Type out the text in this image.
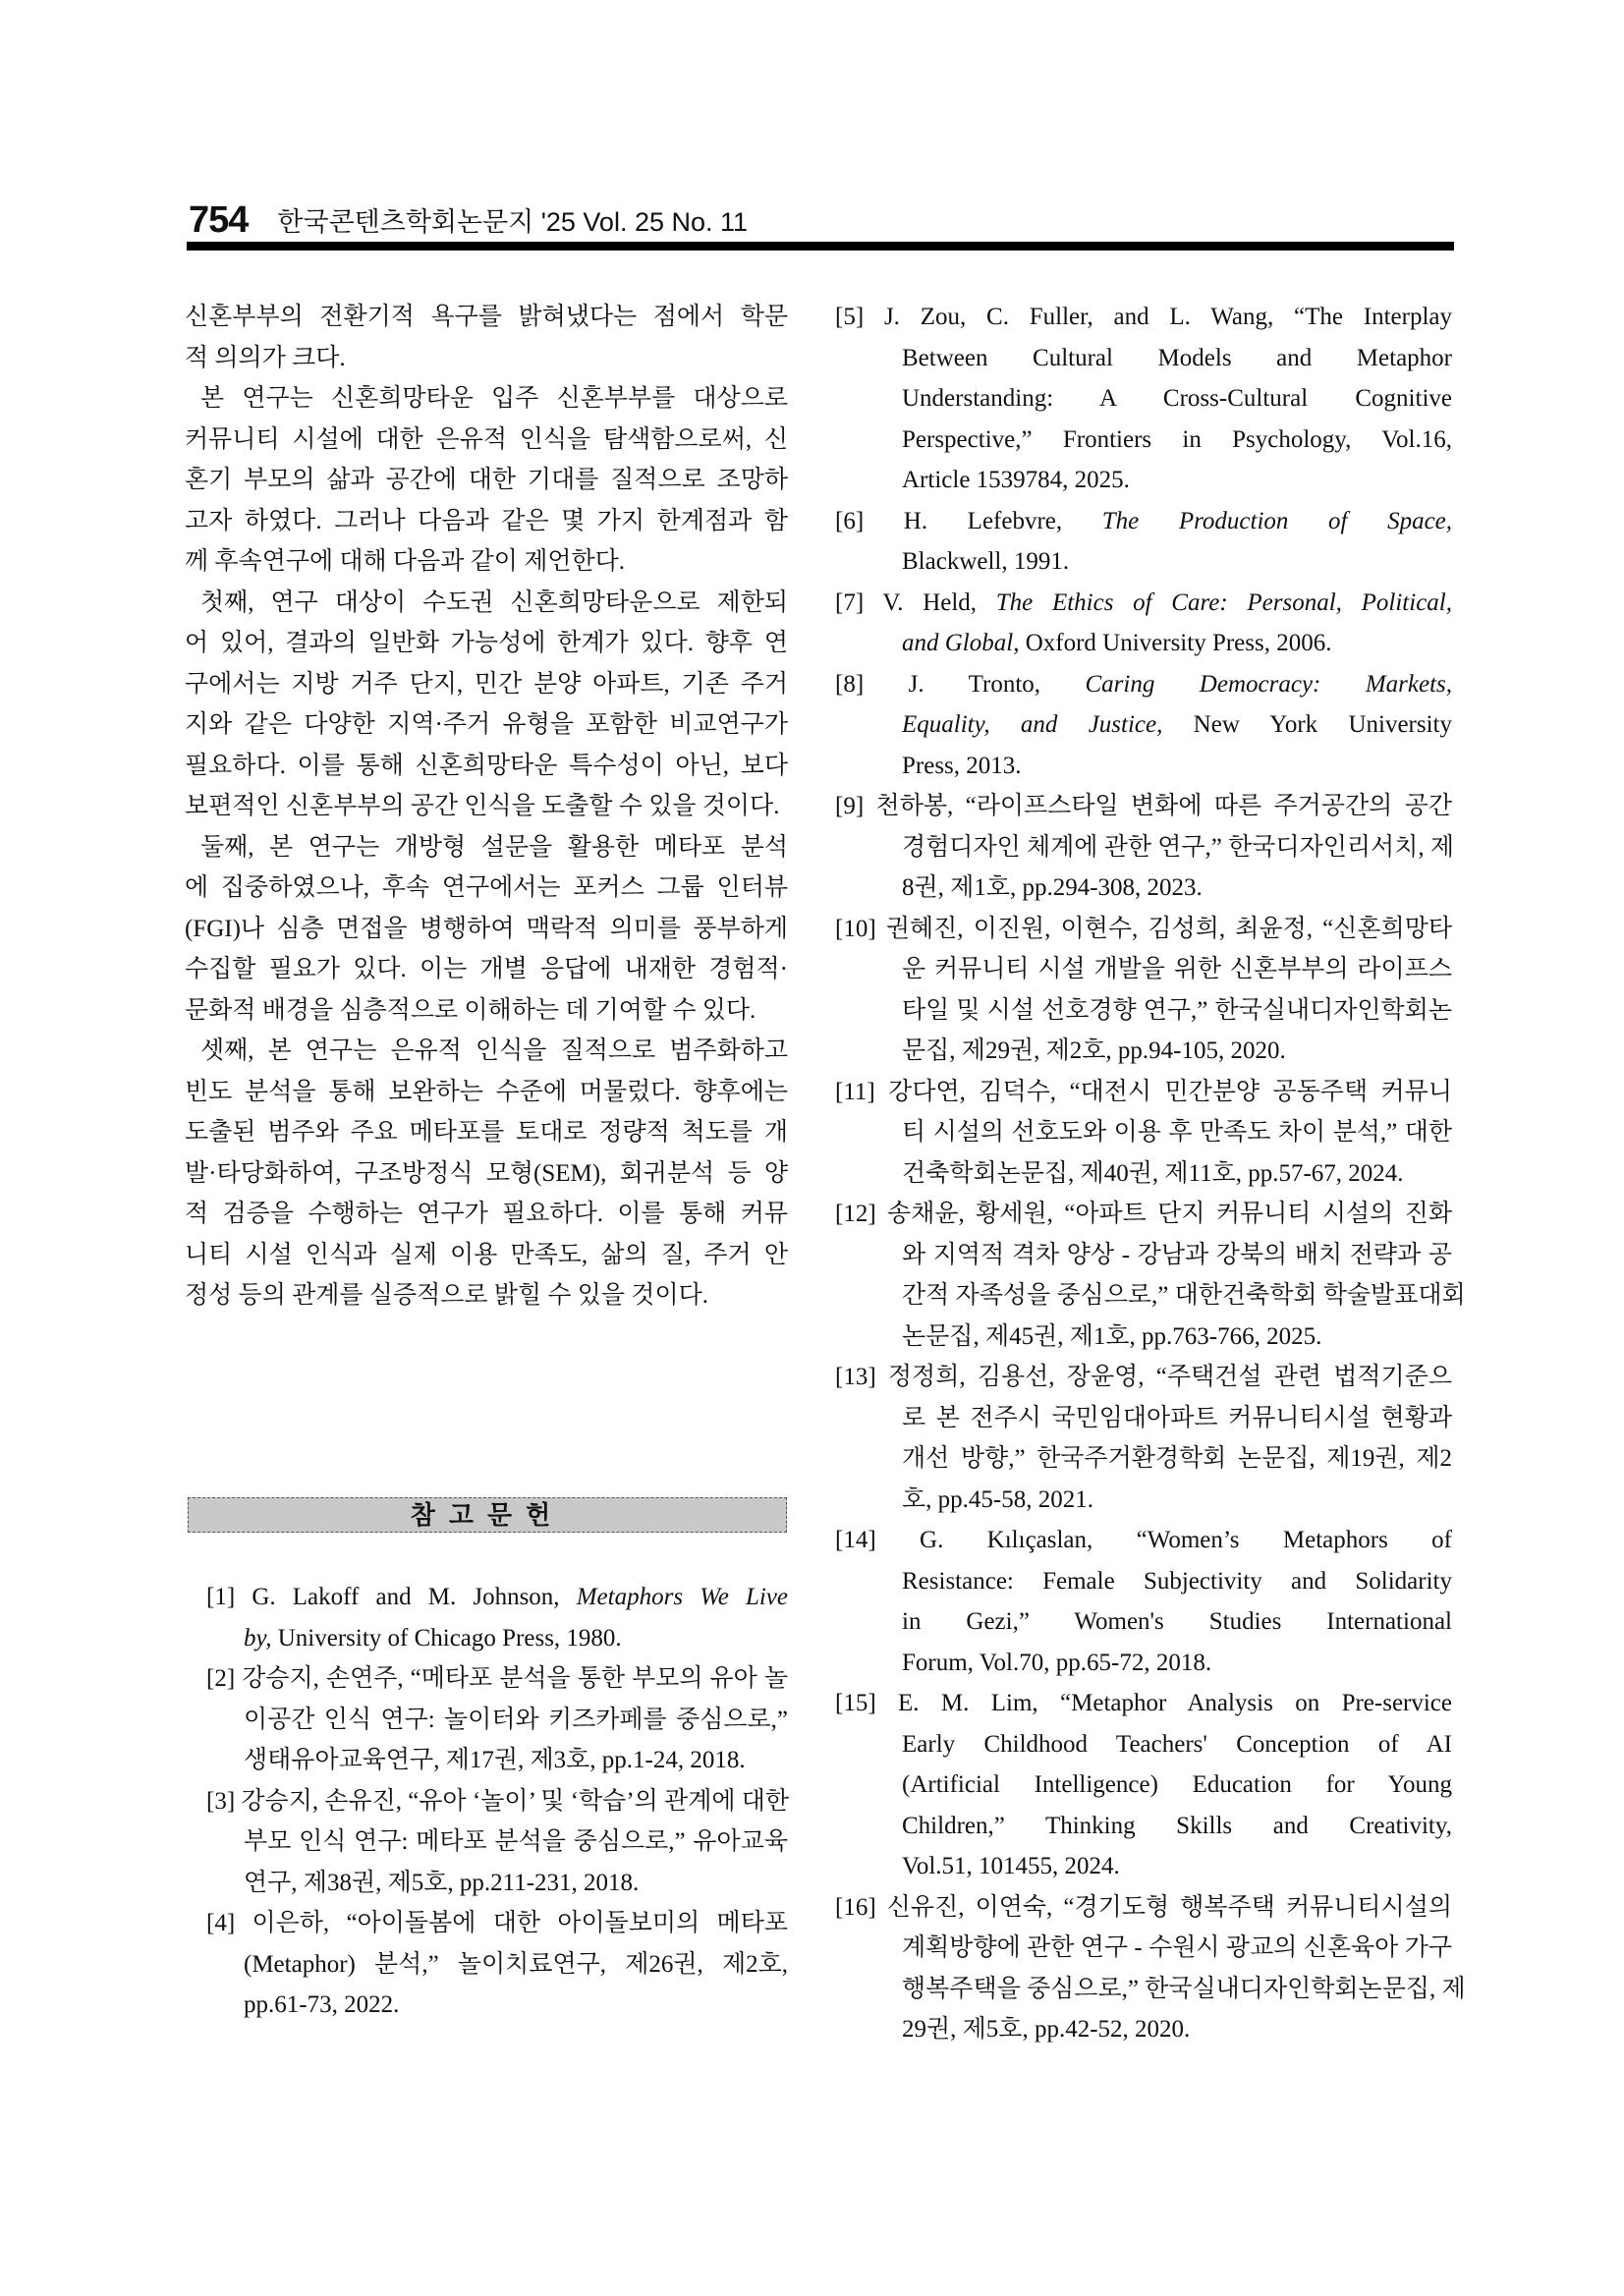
754 한국콘텐츠학회논문지 '25 Vol. 25 No. 11
신혼부부의 전환기적 욕구를 밝혀냈다는 점에서 학문
적 의의가 크다.
본 연구는 신혼희망타운 입주 신혼부부를 대상으로
커뮤니티 시설에 대한 은유적 인식을 탐색함으로써, 신
혼기 부모의 삶과 공간에 대한 기대를 질적으로 조망하
고자 하였다. 그러나 다음과 같은 몇 가지 한계점과 함
께 후속연구에 대해 다음과 같이 제언한다.
첫째, 연구 대상이 수도권 신혼희망타운으로 제한되
어 있어, 결과의 일반화 가능성에 한계가 있다. 향후 연
구에서는 지방 거주 단지, 민간 분양 아파트, 기존 주거
지와 같은 다양한 지역·주거 유형을 포함한 비교연구가
필요하다. 이를 통해 신혼희망타운 특수성이 아닌, 보다
보편적인 신혼부부의 공간 인식을 도출할 수 있을 것이다.
둘째, 본 연구는 개방형 설문을 활용한 메타포 분석
에 집중하였으나, 후속 연구에서는 포커스 그룹 인터뷰
(FGI)나 심층 면접을 병행하여 맥락적 의미를 풍부하게
수집할 필요가 있다. 이는 개별 응답에 내재한 경험적·
문화적 배경을 심층적으로 이해하는 데 기여할 수 있다.
셋째, 본 연구는 은유적 인식을 질적으로 범주화하고
빈도 분석을 통해 보완하는 수준에 머물렀다. 향후에는
도출된 범주와 주요 메타포를 토대로 정량적 척도를 개
발·타당화하여, 구조방정식 모형(SEM), 회귀분석 등 양
적 검증을 수행하는 연구가 필요하다. 이를 통해 커뮤
니티 시설 인식과 실제 이용 만족도, 삶의 질, 주거 안
정성 등의 관계를 실증적으로 밝힐 수 있을 것이다.
참고문헌
[1] G. Lakoff and M. Johnson, Metaphors We Live
by, University of Chicago Press, 1980.
[2] 강승지, 손연주, “메타포 분석을 통한 부모의 유아 놀
이공간 인식 연구: 놀이터와 키즈카페를 중심으로,”
생태유아교육연구, 제17권, 제3호, pp.1-24, 2018.
[3] 강승지, 손유진, “유아 ‘놀이’ 및 ‘학습’의 관계에 대한
부모 인식 연구: 메타포 분석을 중심으로,” 유아교육
연구, 제38권, 제5호, pp.211-231, 2018.
[4] 이은하, “아이돌봄에 대한 아이돌보미의 메타포
(Metaphor) 분석,” 놀이치료연구, 제26권, 제2호,
pp.61-73, 2022.
[5] J. Zou, C. Fuller, and L. Wang, “The Interplay
Between Cultural Models and Metaphor
Understanding: A Cross-Cultural Cognitive
Perspective,” Frontiers in Psychology, Vol.16,
Article 1539784, 2025.
[6] H. Lefebvre, The Production of Space,
Blackwell, 1991.
[7] V. Held, The Ethics of Care: Personal, Political,
and Global, Oxford University Press, 2006.
[8] J. Tronto, Caring Democracy: Markets,
Equality, and Justice, New York University
Press, 2013.
[9] 천하봉, “라이프스타일 변화에 따른 주거공간의 공간
경험디자인 체계에 관한 연구,” 한국디자인리서치, 제
8권, 제1호, pp.294-308, 2023.
[10] 권혜진, 이진원, 이현수, 김성희, 최윤정, “신혼희망타
운 커뮤니티 시설 개발을 위한 신혼부부의 라이프스
타일 및 시설 선호경향 연구,” 한국실내디자인학회논
문집, 제29권, 제2호, pp.94-105, 2020.
[11] 강다연, 김덕수, “대전시 민간분양 공동주택 커뮤니
티 시설의 선호도와 이용 후 만족도 차이 분석,” 대한
건축학회논문집, 제40권, 제11호, pp.57-67, 2024.
[12] 송채윤, 황세원, “아파트 단지 커뮤니티 시설의 진화
와 지역적 격차 양상 - 강남과 강북의 배치 전략과 공
간적 자족성을 중심으로,” 대한건축학회 학술발표대회
논문집, 제45권, 제1호, pp.763-766, 2025.
[13] 정정희, 김용선, 장윤영, “주택건설 관련 법적기준으
로 본 전주시 국민임대아파트 커뮤니티시설 현황과
개선 방향,” 한국주거환경학회 논문집, 제19권, 제2
호, pp.45-58, 2021.
[14] G. Kılıçaslan, “Women’s Metaphors of
Resistance: Female Subjectivity and Solidarity
in Gezi,” Women's Studies International
Forum, Vol.70, pp.65-72, 2018.
[15] E. M. Lim, “Metaphor Analysis on Pre-service
Early Childhood Teachers' Conception of AI
(Artificial Intelligence) Education for Young
Children,” Thinking Skills and Creativity,
Vol.51, 101455, 2024.
[16] 신유진, 이연숙, “경기도형 행복주택 커뮤니티시설의
계획방향에 관한 연구 - 수원시 광교의 신혼육아 가구
행복주택을 중심으로,” 한국실내디자인학회논문집, 제
29권, 제5호, pp.42-52, 2020.
